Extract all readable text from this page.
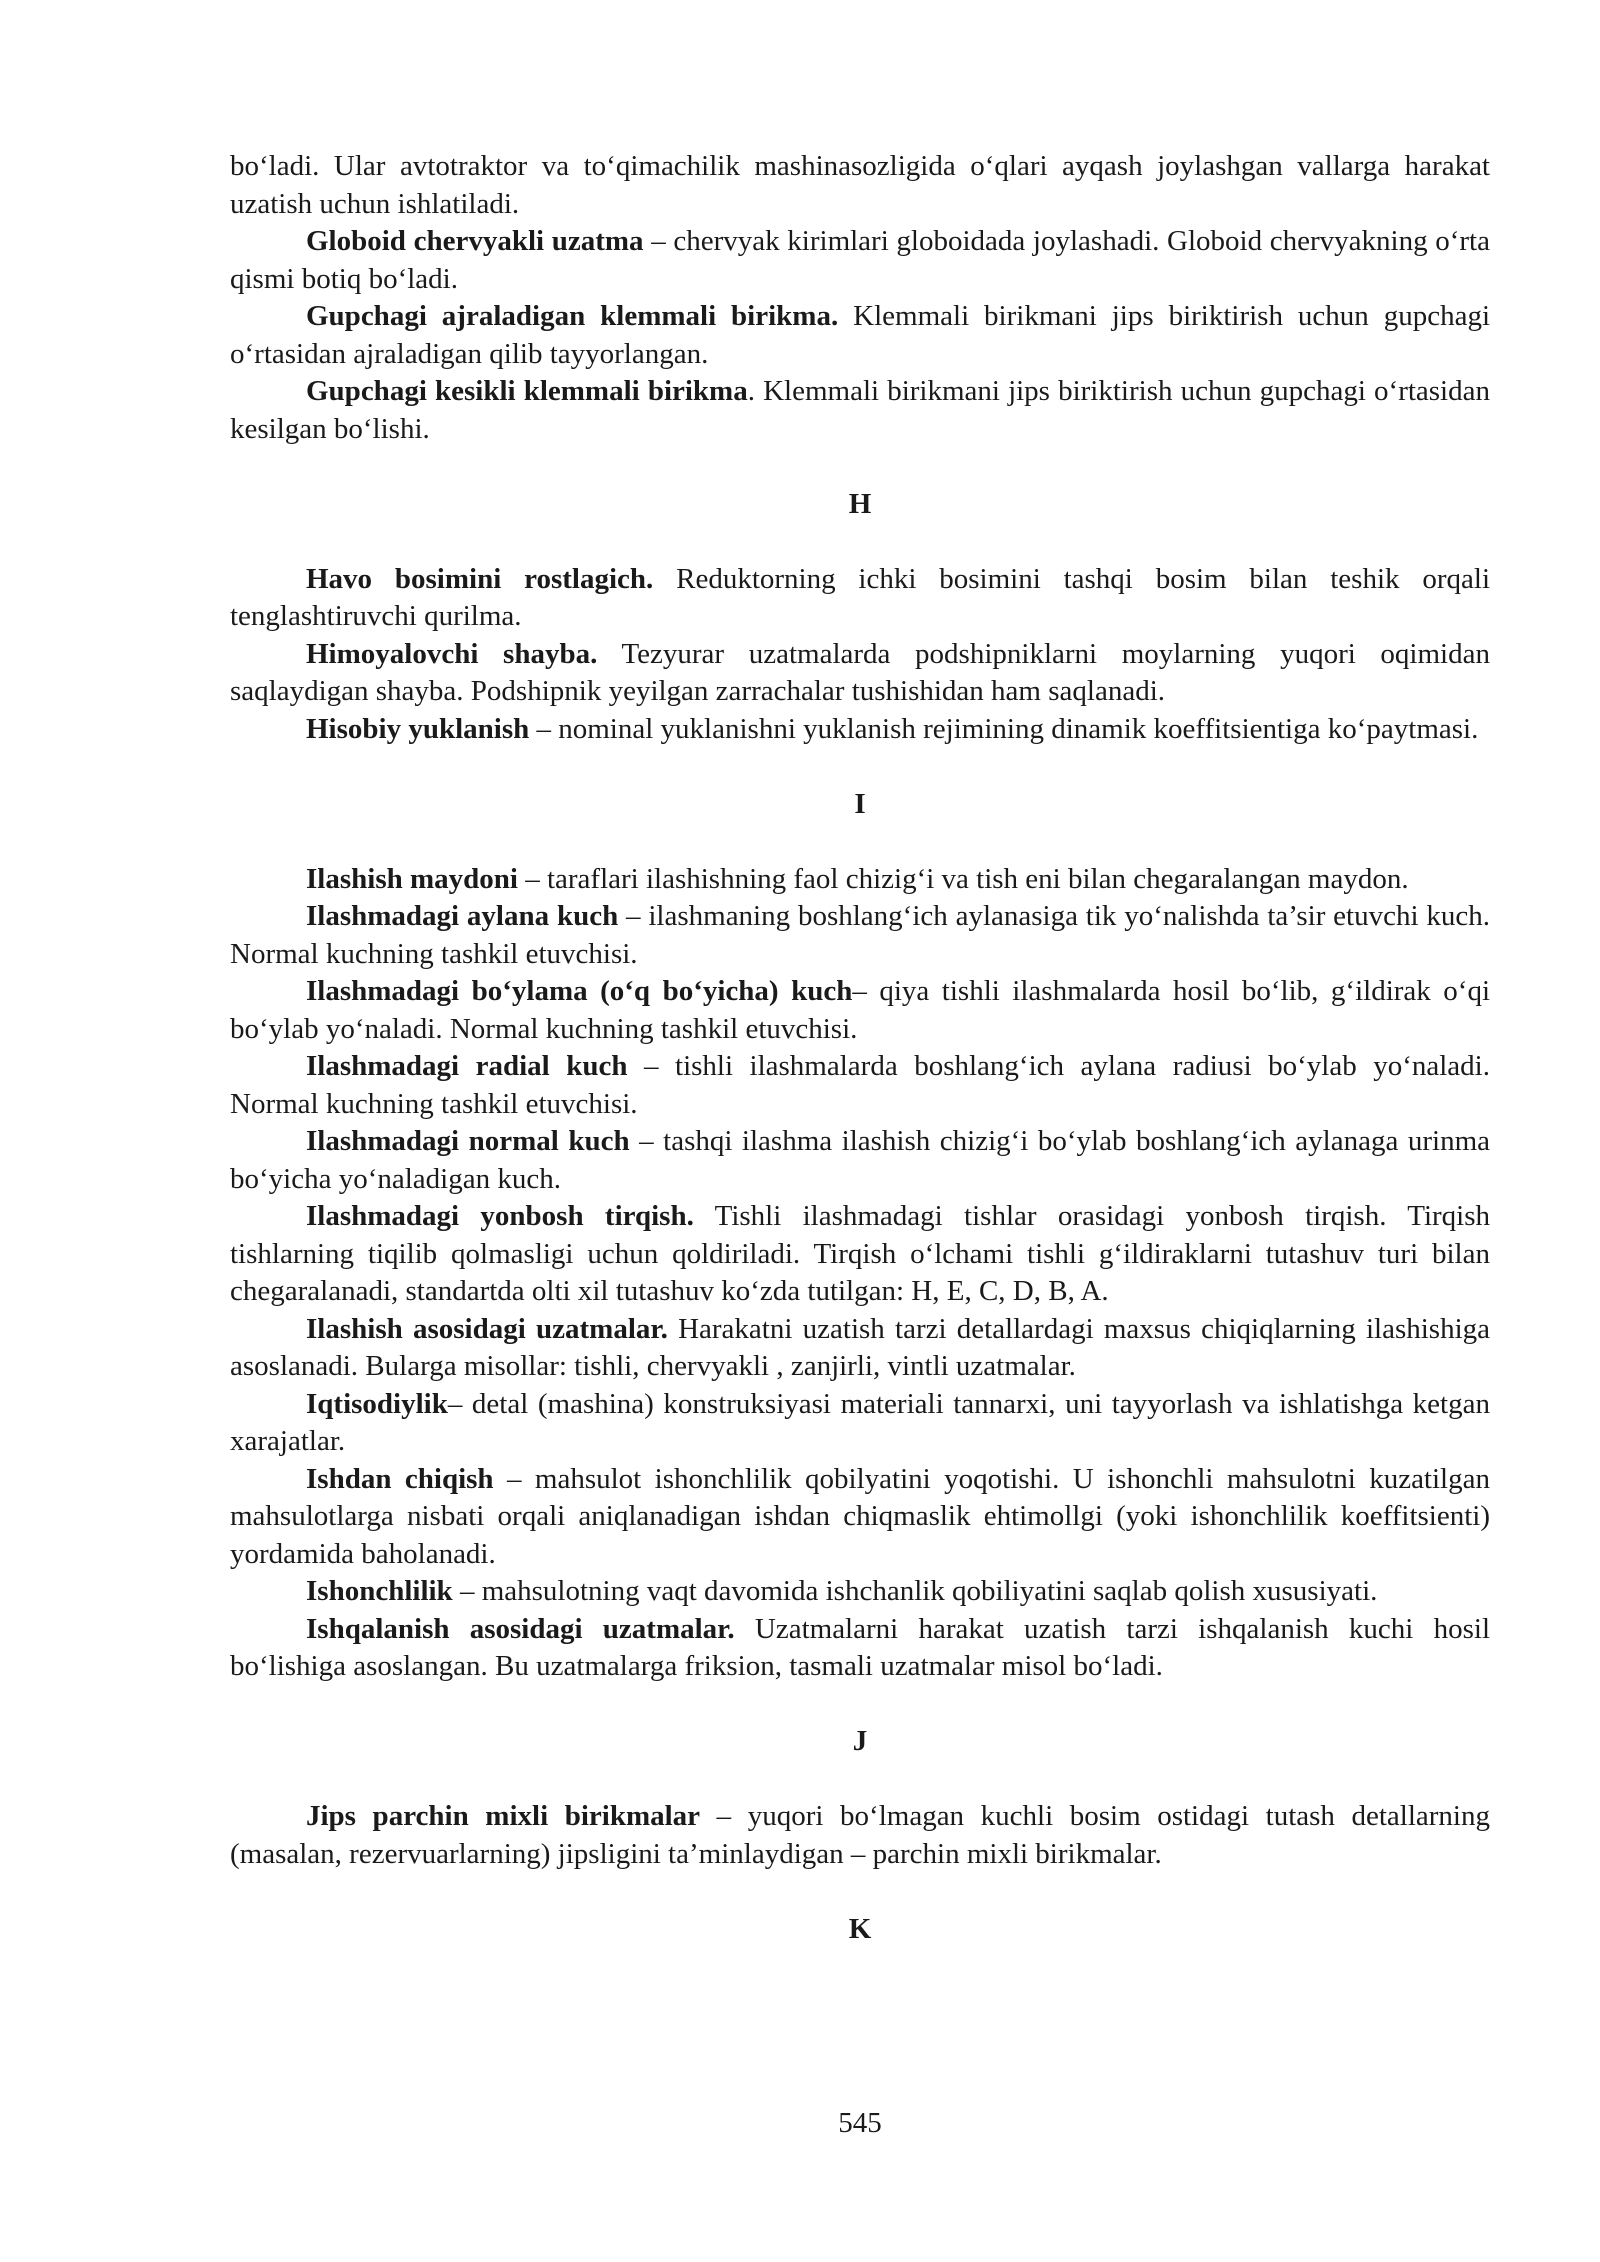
bo‘ladi. Ular avtotraktor va to‘qimachilik mashinasozligida o‘qlari ayqash joylashgan vallarga harakat uzatish uchun ishlatiladi.

Globoid chervyakli uzatma – chervyak kirimlari globoidada joylashadi. Globoid chervyakning o‘rta qismi botiq bo‘ladi.

Gupchagi ajraladigan klemmali birikma. Klemmali birikmani jips biriktirish uchun gupchagi o‘rtasidan ajraladigan qilib tayyorlangan.

Gupchagi kesikli klemmali birikma. Klemmali birikmani jips biriktirish uchun gupchagi o‘rtasidan kesilgan bo‘lishi.

H

Havo bosimini rostlagich. Reduktorning ichki bosimini tashqi bosim bilan teshik orqali tenglashtiruvchi qurilma.

Himoyalovchi shayba. Tezyurar uzatmalarda podshipniklarni moylarning yuqori oqimidan saqlaydigan shayba. Podshipnik yeyilgan zarrachalar tushishidan ham saqlanadi.

Hisobiy yuklanish – nominal yuklanishni yuklanish rejimining dinamik koeffitsientiga ko‘paytmasi.

I

Ilashish maydoni – taraflari ilashishning faol chizig‘i va tish eni bilan chegaralangan maydon.

Ilashmadagi aylana kuch – ilashmaning boshlang‘ich aylanasiga tik yo‘nalishda ta’sir etuvchi kuch. Normal kuchning tashkil etuvchisi.

Ilashmadagi bo‘ylama (o‘q bo‘yicha) kuch– qiya tishli ilashmalarda hosil bo‘lib, g‘ildirak o‘qi bo‘ylab yo‘naladi. Normal kuchning tashkil etuvchisi.

Ilashmadagi radial kuch – tishli ilashmalarda boshlang‘ich aylana radiusi bo‘ylab yo‘naladi. Normal kuchning tashkil etuvchisi.

Ilashmadagi normal kuch – tashqi ilashma ilashish chizig‘i bo‘ylab boshlang‘ich aylanaga urinma bo‘yicha yo‘naladigan kuch.

Ilashmadagi yonbosh tirqish. Tishli ilashmadagi tishlar orasidagi yonbosh tirqish. Tirqish tishlarning tiqilib qolmasligi uchun qoldiriladi. Tirqish o‘lchami tishli g‘ildiraklarni tutashuv turi bilan chegaralanadi, standartda olti xil tutashuv ko‘zda tutilgan: H, E, C, D, B, A.

Ilashish asosidagi uzatmalar. Harakatni uzatish tarzi detallardagi maxsus chiqiqlarning ilashishiga asoslanadi. Bularga misollar: tishli, chervyakli , zanjirli, vintli uzatmalar.

Iqtisodiylik– detal (mashina) konstruksiyasi materiali tannarxi, uni tayyorlash va ishlatishga ketgan xarajatlar.

Ishdan chiqish – mahsulot ishonchlilik qobilyatini yoqotishi. U ishonchli mahsulotni kuzatilgan mahsulotlarga nisbati orqali aniqlanadigan ishdan chiqmaslik ehtimollgi (yoki ishonchlilik koeffitsienti) yordamida baholanadi.

Ishonchlilik – mahsulotning vaqt davomida ishchanlik qobiliyatini saqlab qolish xususiyati.

Ishqalanish asosidagi uzatmalar. Uzatmalarni harakat uzatish tarzi ishqalanish kuchi hosil bo‘lishiga asoslangan. Bu uzatmalarga friksion, tasmali uzatmalar misol bo‘ladi.

J

Jips parchin mixli birikmalar – yuqori bo‘lmagan kuchli bosim ostidagi tutash detallarning (masalan, rezervuarlarning) jipsligini ta’minlaydigan – parchin mixli birikmalar.

K

545
